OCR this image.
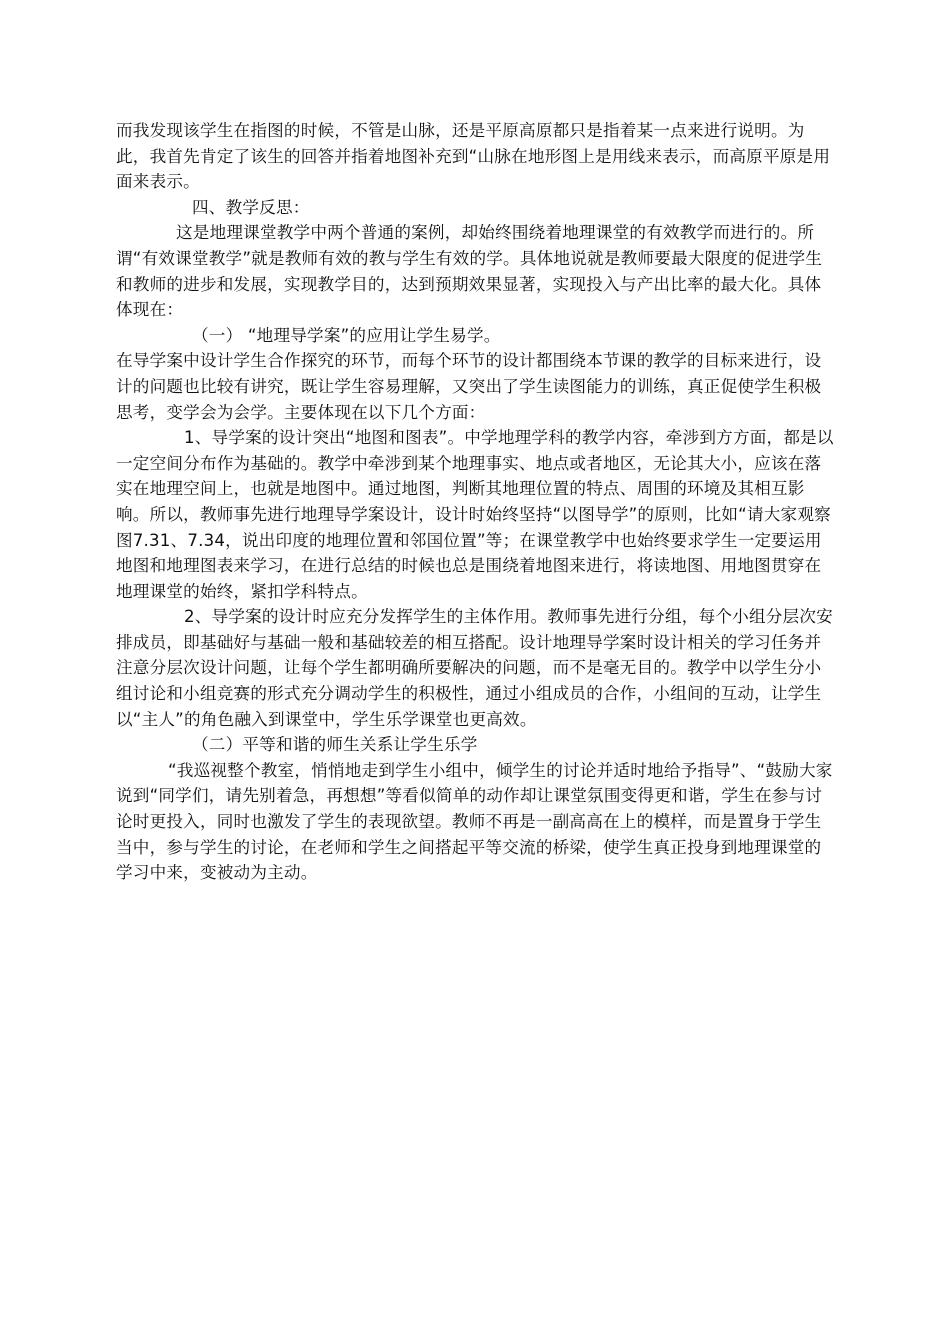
而我发现该学生在指图的时候，不管是山脉，还是平原高原都只是指着某一点来进行说明。为此，我首先肯定了该生的回答并指着地图补充到“山脉在地形图上是用线来表示，而高原平原是用面来表示。

四、教学反思：

这是地理课堂教学中两个普通的案例，却始终围绕着地理课堂的有效教学而进行的。所谓“有效课堂教学”就是教师有效的教与学生有效的学。具体地说就是教师要最大限度的促进学生和教师的进步和发展，实现教学目的，达到预期效果显著，实现投入与产出比率的最大化。具体体现在：

（一） “地理导学案”的应用让学生易学。

在导学案中设计学生合作探究的环节，而每个环节的设计都围绕本节课的教学的目标来进行，设计的问题也比较有讲究，既让学生容易理解，又突出了学生读图能力的训练，真正促使学生积极思考，变学会为会学。主要体现在以下几个方面：

1、导学案的设计突出“地图和图表”。中学地理学科的教学内容，牵涉到方方面，都是以一定空间分布作为基础的。教学中牵涉到某个地理事实、地点或者地区，无论其大小，应该在落实在地理空间上，也就是地图中。通过地图，判断其地理位置的特点、周围的环境及其相互影响。所以，教师事先进行地理导学案设计，设计时始终坚持“以图导学”的原则，比如“请大家观察图7.31、7.34，说出印度的地理位置和邻国位置”等；在课堂教学中也始终要求学生一定要运用地图和地理图表来学习，在进行总结的时候也总是围绕着地图来进行，将读地图、用地图贯穿在地理课堂的始终，紧扣学科特点。

2、导学案的设计时应充分发挥学生的主体作用。教师事先进行分组，每个小组分层次安排成员，即基础好与基础一般和基础较差的相互搭配。设计地理导学案时设计相关的学习任务并注意分层次设计问题，让每个学生都明确所要解决的问题，而不是毫无目的。教学中以学生分小组讨论和小组竞赛的形式充分调动学生的积极性，通过小组成员的合作，小组间的互动，让学生以“主人”的角色融入到课堂中，学生乐学课堂也更高效。

（二）平等和谐的师生关系让学生乐学

“我巡视整个教室，悄悄地走到学生小组中，倾学生的讨论并适时地给予指导”、“鼓励大家说到“同学们，请先别着急，再想想”等看似简单的动作却让课堂氛围变得更和谐，学生在参与讨论时更投入，同时也激发了学生的表现欲望。教师不再是一副高高在上的模样，而是置身于学生当中，参与学生的讨论，在老师和学生之间搭起平等交流的桥梁，使学生真正投身到地理课堂的学习中来，变被动为主动。
